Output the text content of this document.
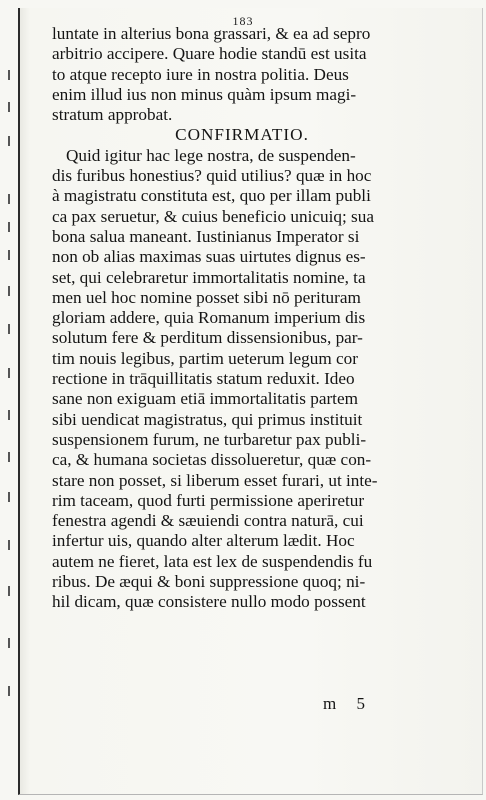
183
luntate in alterius bona grassari, & ea ad sepro
arbitrio accipere. Quare hodie standū est usita
to atque recepto iure in nostra politia. Deus
enim illud ius non minus quàm ipsum magi-
stratum approbat.
CONFIRMATIO.
Quid igitur hac lege nostra, de suspenden-
dis furibus honestius? quid utilius? quæ in hoc
à magistratu constituta est, quo per illam publi
ca pax seruetur, & cuius beneficio unicuiq; sua
bona salua maneant. Iustinianus Imperator si
non ob alias maximas suas uirtutes dignus es-
set, qui celebraretur immortalitatis nomine, ta
men uel hoc nomine posset sibi nō perituram
gloriam addere, quia Romanum imperium dis
solutum fere & perditum dissensionibus, par-
tim nouis legibus, partim ueterum legum cor
rectione in trāquillitatis statum reduxit. Ideo
sane non exiguam etiā immortalitatis partem
sibi uendicat magistratus, qui primus instituit
suspensionem furum, ne turbaretur pax publi-
ca, & humana societas dissolueretur, quæ con-
stare non posset, si liberum esset furari, ut inte-
rim taceam, quod furti permissione aperiretur
fenestra agendi & sæuiendi contra naturā, cui
infertur uis, quando alter alterum lædit. Hoc
autem ne fieret, lata est lex de suspendendis fu
ribus. De æqui & boni suppressione quoq; ni-
hil dicam, quæ consistere nullo modo possent
m 5
